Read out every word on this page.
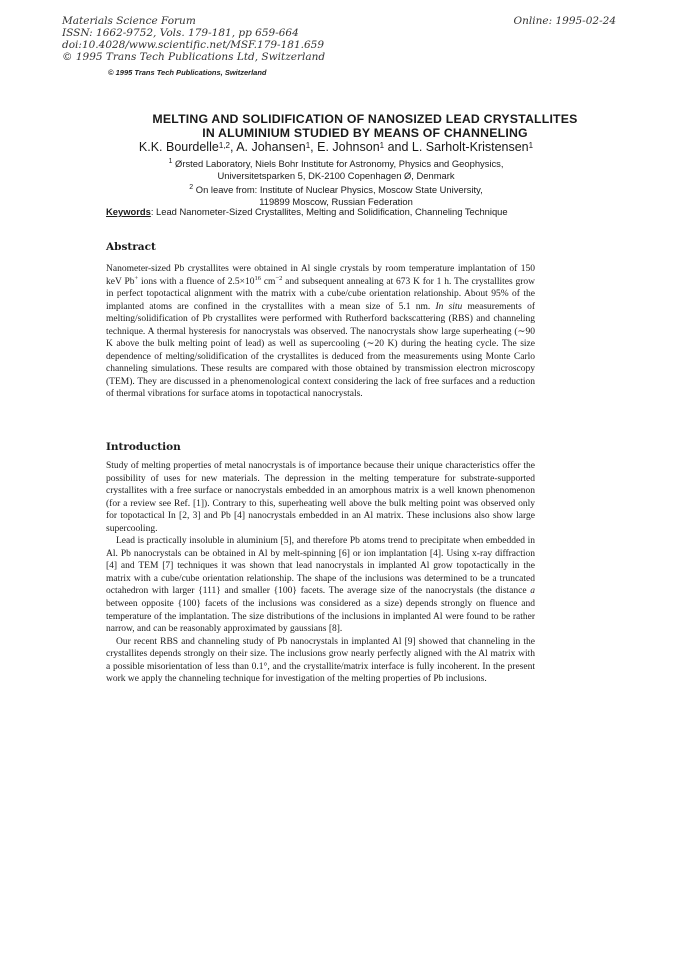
Materials Science Forum
ISSN: 1662-9752, Vols. 179-181, pp 659-664
doi:10.4028/www.scientific.net/MSF.179-181.659
© 1995 Trans Tech Publications Ltd, Switzerland
Online: 1995-02-24
© 1995 Trans Tech Publications, Switzerland
MELTING AND SOLIDIFICATION OF NANOSIZED LEAD CRYSTALLITES
IN ALUMINIUM STUDIED BY MEANS OF CHANNELING
K.K. Bourdelle$^{1,2}$, A. Johansen$^1$, E. Johnson$^1$ and L. Sarholt-Kristensen$^1$
$^1$ Ørsted Laboratory, Niels Bohr Institute for Astronomy, Physics and Geophysics,
Universitetsparken 5, DK-2100 Copenhagen Ø, Denmark
$^2$ On leave from: Institute of Nuclear Physics, Moscow State University,
119899 Moscow, Russian Federation
Keywords: Lead Nanometer-Sized Crystallites, Melting and Solidification, Channeling Technique
Abstract

Nanometer-sized Pb crystallites were obtained in Al single crystals by room temperature implantation of 150 keV Pb+ ions with a fluence of $2.5\times 10^{16}$ $cm^{-2}$ and subsequent annealing at 673 K for 1 h. The crystallites grow in perfect topotactical alignment with the matrix with a cube/cube orientation relationship. About 95% of the implanted atoms are confined in the crystallites with a mean size of 5.1 nm. In situ measurements of melting/solidification of Pb crystallites were performed with Rutherford backscattering (RBS) and channeling technique. A thermal hysteresis for nanocrystals was observed. The nanocrystals show large superheating (∼90 K above the bulk melting point of lead) as well as supercooling (∼20 K) during the heating cycle. The size dependence of melting/solidification of the crystallites is deduced from the measurements using Monte Carlo channeling simulations. These results are compared with those obtained by transmission electron microscopy (TEM). They are discussed in a phenomenological context considering the lack of free surfaces and a reduction of thermal vibrations for surface atoms in topotactical nanocrystals.

Introduction

Study of melting properties of metal nanocrystals is of importance because their unique characteristics offer the possibility of uses for new materials. The depression in the melting temperature for substrate-supported crystallites with a free surface or nanocrystals embedded in an amorphous matrix is a well known phenomenon (for a review see Ref. [1]). Contrary to this, superheating well above the bulk melting point was observed only for topotactical In [2, 3] and Pb [4] nanocrystals embedded in an Al matrix. These inclusions also show large supercooling.

Lead is practically insoluble in aluminium [5], and therefore Pb atoms trend to precipitate when embedded in Al. Pb nanocrystals can be obtained in Al by melt-spinning [6] or ion implantation [4]. Using x-ray diffraction [4] and TEM [7] techniques it was shown that lead nanocrystals in implanted Al grow topotactically in the matrix with a cube/cube orientation relationship. The shape of the inclusions was determined to be a truncated octahedron with larger {111} and smaller {100} facets. The average size of the nanocrystals (the distance a between opposite {100} facets of the inclusions was considered as a size) depends strongly on fluence and temperature of the implantation. The size distributions of the inclusions in implanted Al were found to be rather narrow, and can be reasonably approximated by gaussians [8].

Our recent RBS and channeling study of Pb nanocrystals in implanted Al [9] showed that channeling in the crystallites depends strongly on their size. The inclusions grow nearly perfectly aligned with the Al matrix with a possible misorientation of less than 0.1°, and the crystallite/matrix interface is fully incoherent. In the present work we apply the channeling technique for investigation of the melting properties of Pb inclusions.
